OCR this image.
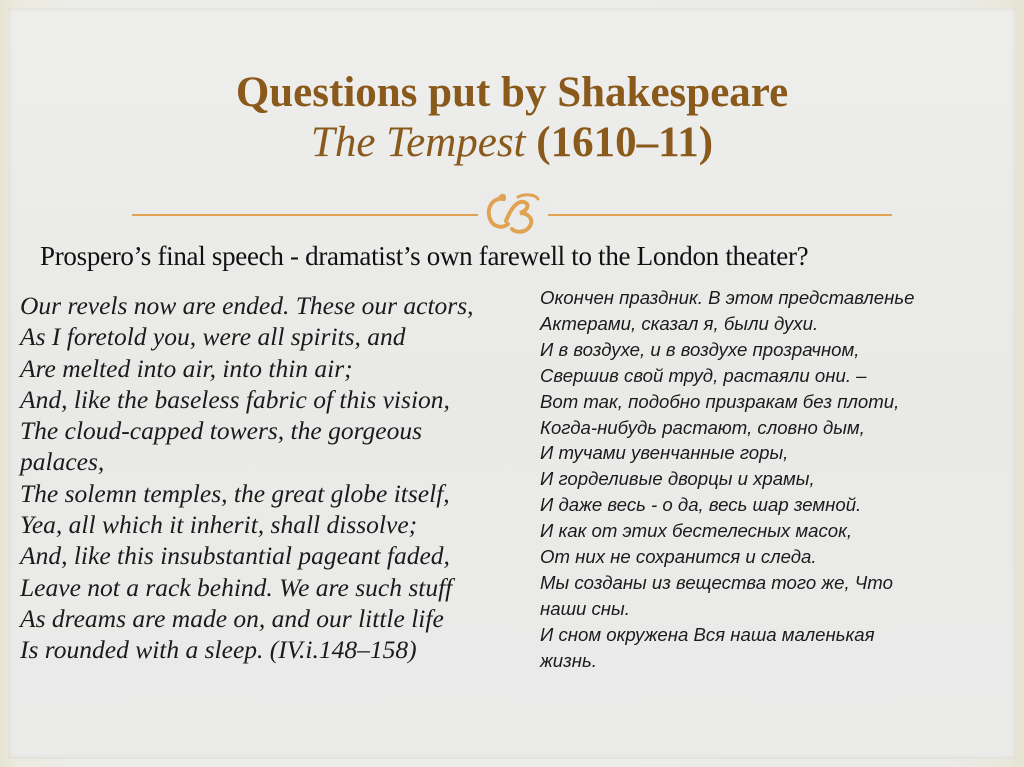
Questions put by Shakespeare
The Tempest (1610–11)
Prospero’s final speech - dramatist’s own farewell to the London theater?
Our revels now are ended. These our actors,
As I foretold you, were all spirits, and
Are melted into air, into thin air;
And, like the baseless fabric of this vision,
The cloud-capped towers, the gorgeous
palaces,
The solemn temples, the great globe itself,
Yea, all which it inherit, shall dissolve;
And, like this insubstantial pageant faded,
Leave not a rack behind. We are such stuff
As dreams are made on, and our little life
Is rounded with a sleep. (IV.i.148–158)
Окончен праздник. В этом представленье
Актерами, сказал я, были духи.
И в воздухе, и в воздухе прозрачном,
Свершив свой труд, растаяли они. –
Вот так, подобно призракам без плоти,
Когда-нибудь растают, словно дым,
И тучами увенчанные горы,
И горделивые дворцы и храмы,
И даже весь - о да, весь шар земной.
И как от этих бестелесных масок,
От них не сохранится и следа.
Мы созданы из вещества того же, Что
наши сны.
И сном окружена Вся наша маленькая
жизнь.
